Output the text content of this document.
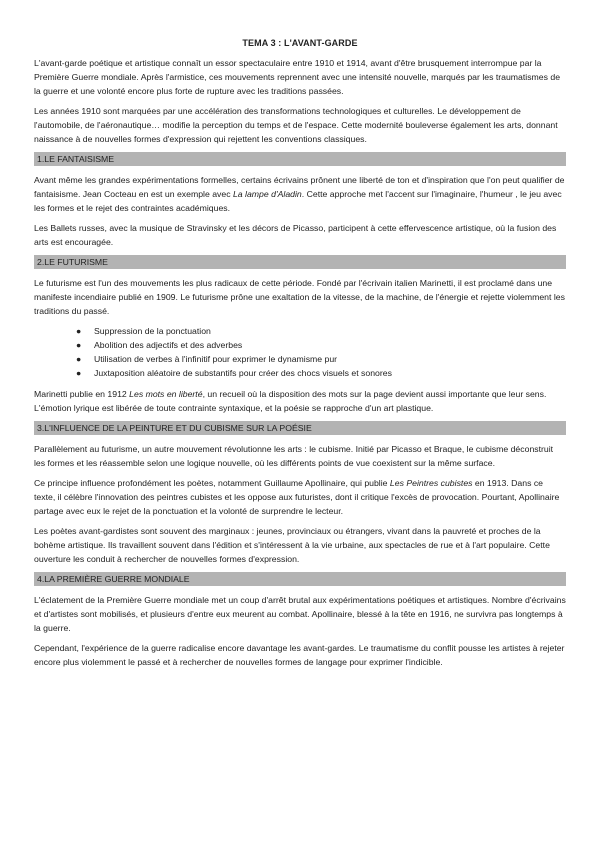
TEMA 3 : L'AVANT-GARDE

L'avant-garde poétique et artistique connaît un essor spectaculaire entre 1910 et 1914, avant d'être brusquement interrompue par la Première Guerre mondiale. Après l'armistice, ces mouvements reprennent avec une intensité nouvelle, marqués par les traumatismes de la guerre et une volonté encore plus forte de rupture avec les traditions passées.

Les années 1910 sont marquées par une accélération des transformations technologiques et culturelles. Le développement de l'automobile, de l'aéronautique… modifie la perception du temps et de l'espace. Cette modernité bouleverse également les arts, donnant naissance à de nouvelles formes d'expression qui rejettent les conventions classiques.

1.LE FANTAISISME

Avant même les grandes expérimentations formelles, certains écrivains prônent une liberté de ton et d'inspiration que l'on peut qualifier de fantaisisme. Jean Cocteau en est un exemple avec La lampe d'Aladin. Cette approche met l'accent sur l'imaginaire, l'humeur , le jeu avec les formes et le rejet des contraintes académiques.

Les Ballets russes, avec la musique de Stravinsky et les décors de Picasso, participent à cette effervescence artistique, où la fusion des arts est encouragée.

2.LE FUTURISME

Le futurisme est l'un des mouvements les plus radicaux de cette période. Fondé par l'écrivain italien Marinetti, il est proclamé dans une manifeste incendiaire publié en 1909. Le futurisme prône une exaltation de la vitesse, de la machine, de l'énergie et rejette violemment les traditions du passé.

● Suppression de la ponctuation
● Abolition des adjectifs et des adverbes
● Utilisation de verbes à l'infinitif pour exprimer le dynamisme pur
● Juxtaposition aléatoire de substantifs pour créer des chocs visuels et sonores

Marinetti publie en 1912 Les mots en liberté, un recueil où la disposition des mots sur la page devient aussi importante que leur sens. L'émotion lyrique est libérée de toute contrainte syntaxique, et la poésie se rapproche d'un art plastique.

3.L'INFLUENCE DE LA PEINTURE ET DU CUBISME SUR LA POÉSIE

Parallèlement au futurisme, un autre mouvement révolutionne les arts : le cubisme. Initié par Picasso et Braque, le cubisme déconstruit les formes et les réassemble selon une logique nouvelle, où les différents points de vue coexistent sur la même surface.

Ce principe influence profondément les poètes, notamment Guillaume Apollinaire, qui publie Les Peintres cubistes en 1913. Dans ce texte, il célèbre l'innovation des peintres cubistes et les oppose aux futuristes, dont il critique l'excès de provocation. Pourtant, Apollinaire partage avec eux le rejet de la ponctuation et la volonté de surprendre le lecteur.

Les poètes avant-gardistes sont souvent des marginaux : jeunes, provinciaux ou étrangers, vivant dans la pauvreté et proches de la bohème artistique. Ils travaillent souvent dans l'édition et s'intéressent à la vie urbaine, aux spectacles de rue et à l'art populaire. Cette ouverture les conduit à rechercher de nouvelles formes d'expression.

4.LA PREMIÈRE GUERRE MONDIALE

L'éclatement de la Première Guerre mondiale met un coup d'arrêt brutal aux expérimentations poétiques et artistiques. Nombre d'écrivains et d'artistes sont mobilisés, et plusieurs d'entre eux meurent au combat. Apollinaire, blessé à la tête en 1916, ne survivra pas longtemps à la guerre.

Cependant, l'expérience de la guerre radicalise encore davantage les avant-gardes. Le traumatisme du conflit pousse les artistes à rejeter encore plus violemment le passé et à rechercher de nouvelles formes de langage pour exprimer l'indicible.
